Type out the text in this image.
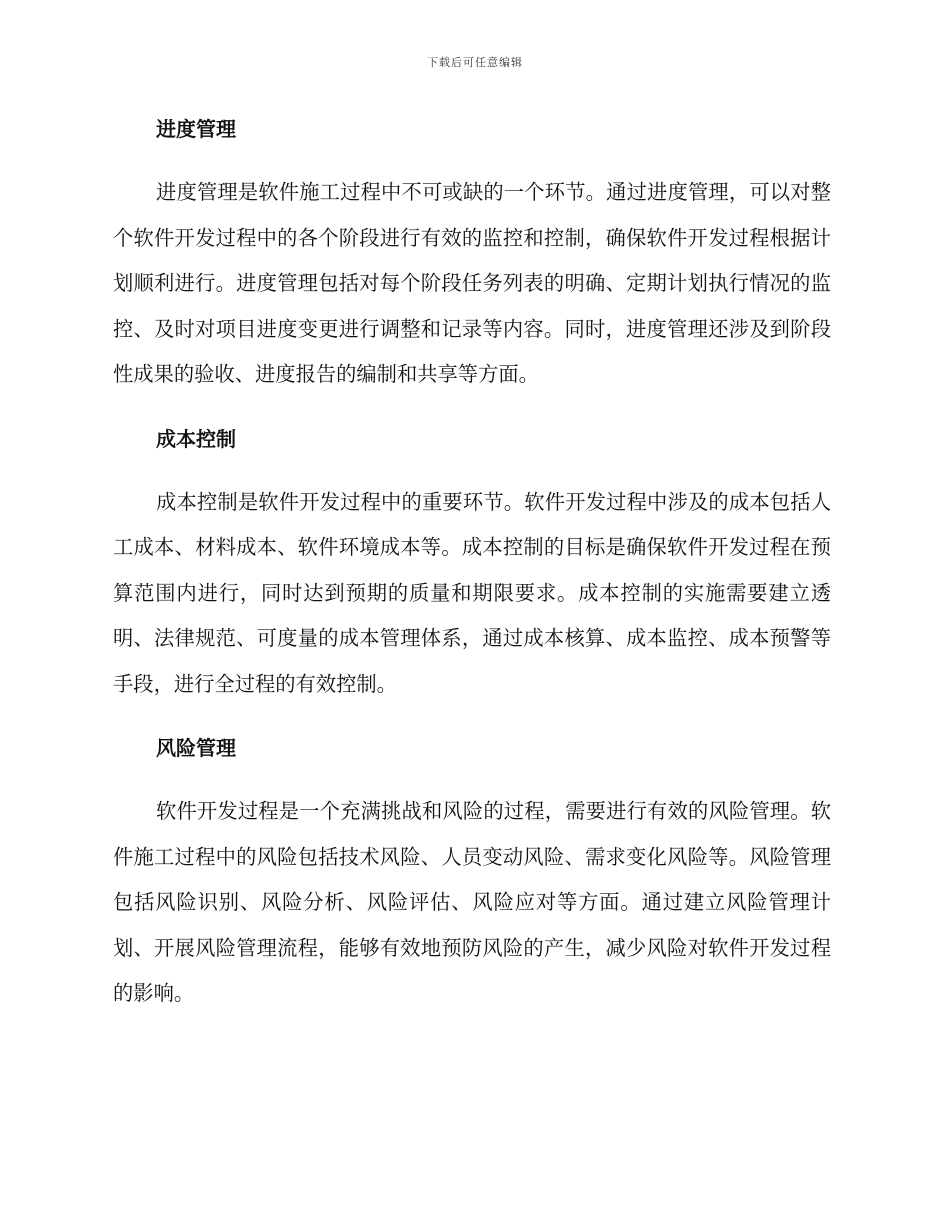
下载后可任意编辑
进度管理

进度管理是软件施工过程中不可或缺的一个环节。通过进度管理，可以对整个软件开发过程中的各个阶段进行有效的监控和控制，确保软件开发过程根据计划顺利进行。进度管理包括对每个阶段任务列表的明确、定期计划执行情况的监控、及时对项目进度变更进行调整和记录等内容。同时，进度管理还涉及到阶段性成果的验收、进度报告的编制和共享等方面。

成本控制

成本控制是软件开发过程中的重要环节。软件开发过程中涉及的成本包括人工成本、材料成本、软件环境成本等。成本控制的目标是确保软件开发过程在预算范围内进行，同时达到预期的质量和期限要求。成本控制的实施需要建立透明、法律规范、可度量的成本管理体系，通过成本核算、成本监控、成本预警等手段，进行全过程的有效控制。

风险管理

软件开发过程是一个充满挑战和风险的过程，需要进行有效的风险管理。软件施工过程中的风险包括技术风险、人员变动风险、需求变化风险等。风险管理包括风险识别、风险分析、风险评估、风险应对等方面。通过建立风险管理计划、开展风险管理流程，能够有效地预防风险的产生，减少风险对软件开发过程的影响。
